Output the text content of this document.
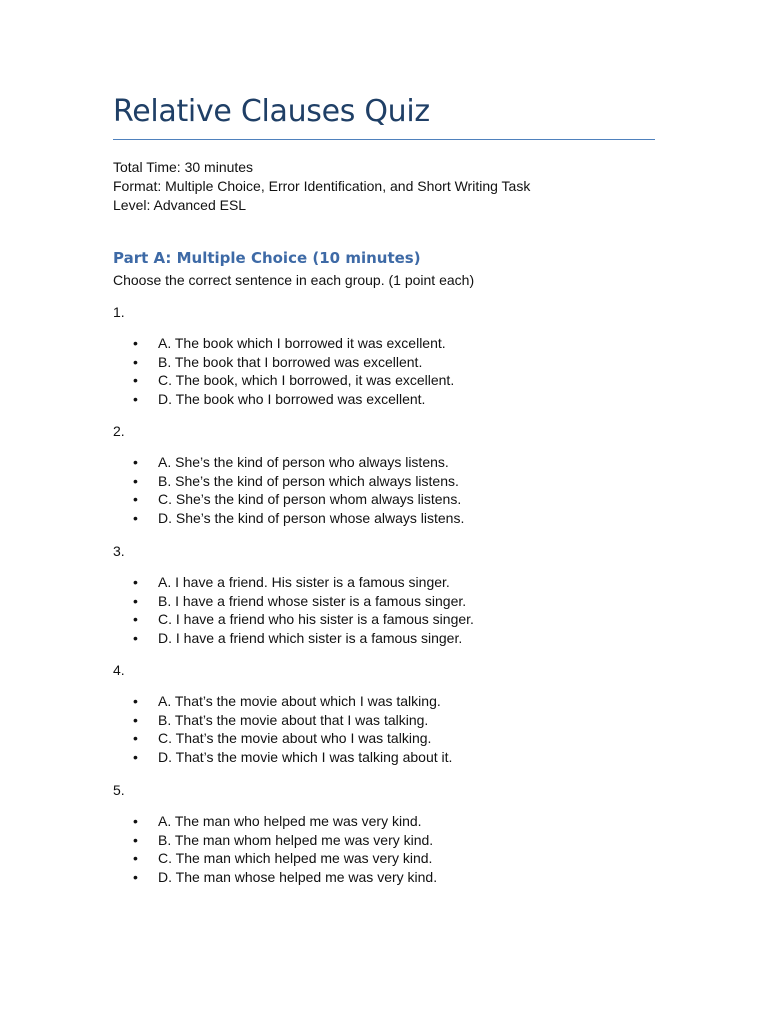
Relative Clauses Quiz
Total Time: 30 minutes
Format: Multiple Choice, Error Identification, and Short Writing Task
Level: Advanced ESL
Part A: Multiple Choice (10 minutes)
Choose the correct sentence in each group. (1 point each)
1.
• A. The book which I borrowed it was excellent.
• B. The book that I borrowed was excellent.
• C. The book, which I borrowed, it was excellent.
• D. The book who I borrowed was excellent.
2.
• A. She’s the kind of person who always listens.
• B. She’s the kind of person which always listens.
• C. She’s the kind of person whom always listens.
• D. She’s the kind of person whose always listens.
3.
• A. I have a friend. His sister is a famous singer.
• B. I have a friend whose sister is a famous singer.
• C. I have a friend who his sister is a famous singer.
• D. I have a friend which sister is a famous singer.
4.
• A. That’s the movie about which I was talking.
• B. That’s the movie about that I was talking.
• C. That’s the movie about who I was talking.
• D. That’s the movie which I was talking about it.
5.
• A. The man who helped me was very kind.
• B. The man whom helped me was very kind.
• C. The man which helped me was very kind.
• D. The man whose helped me was very kind.
